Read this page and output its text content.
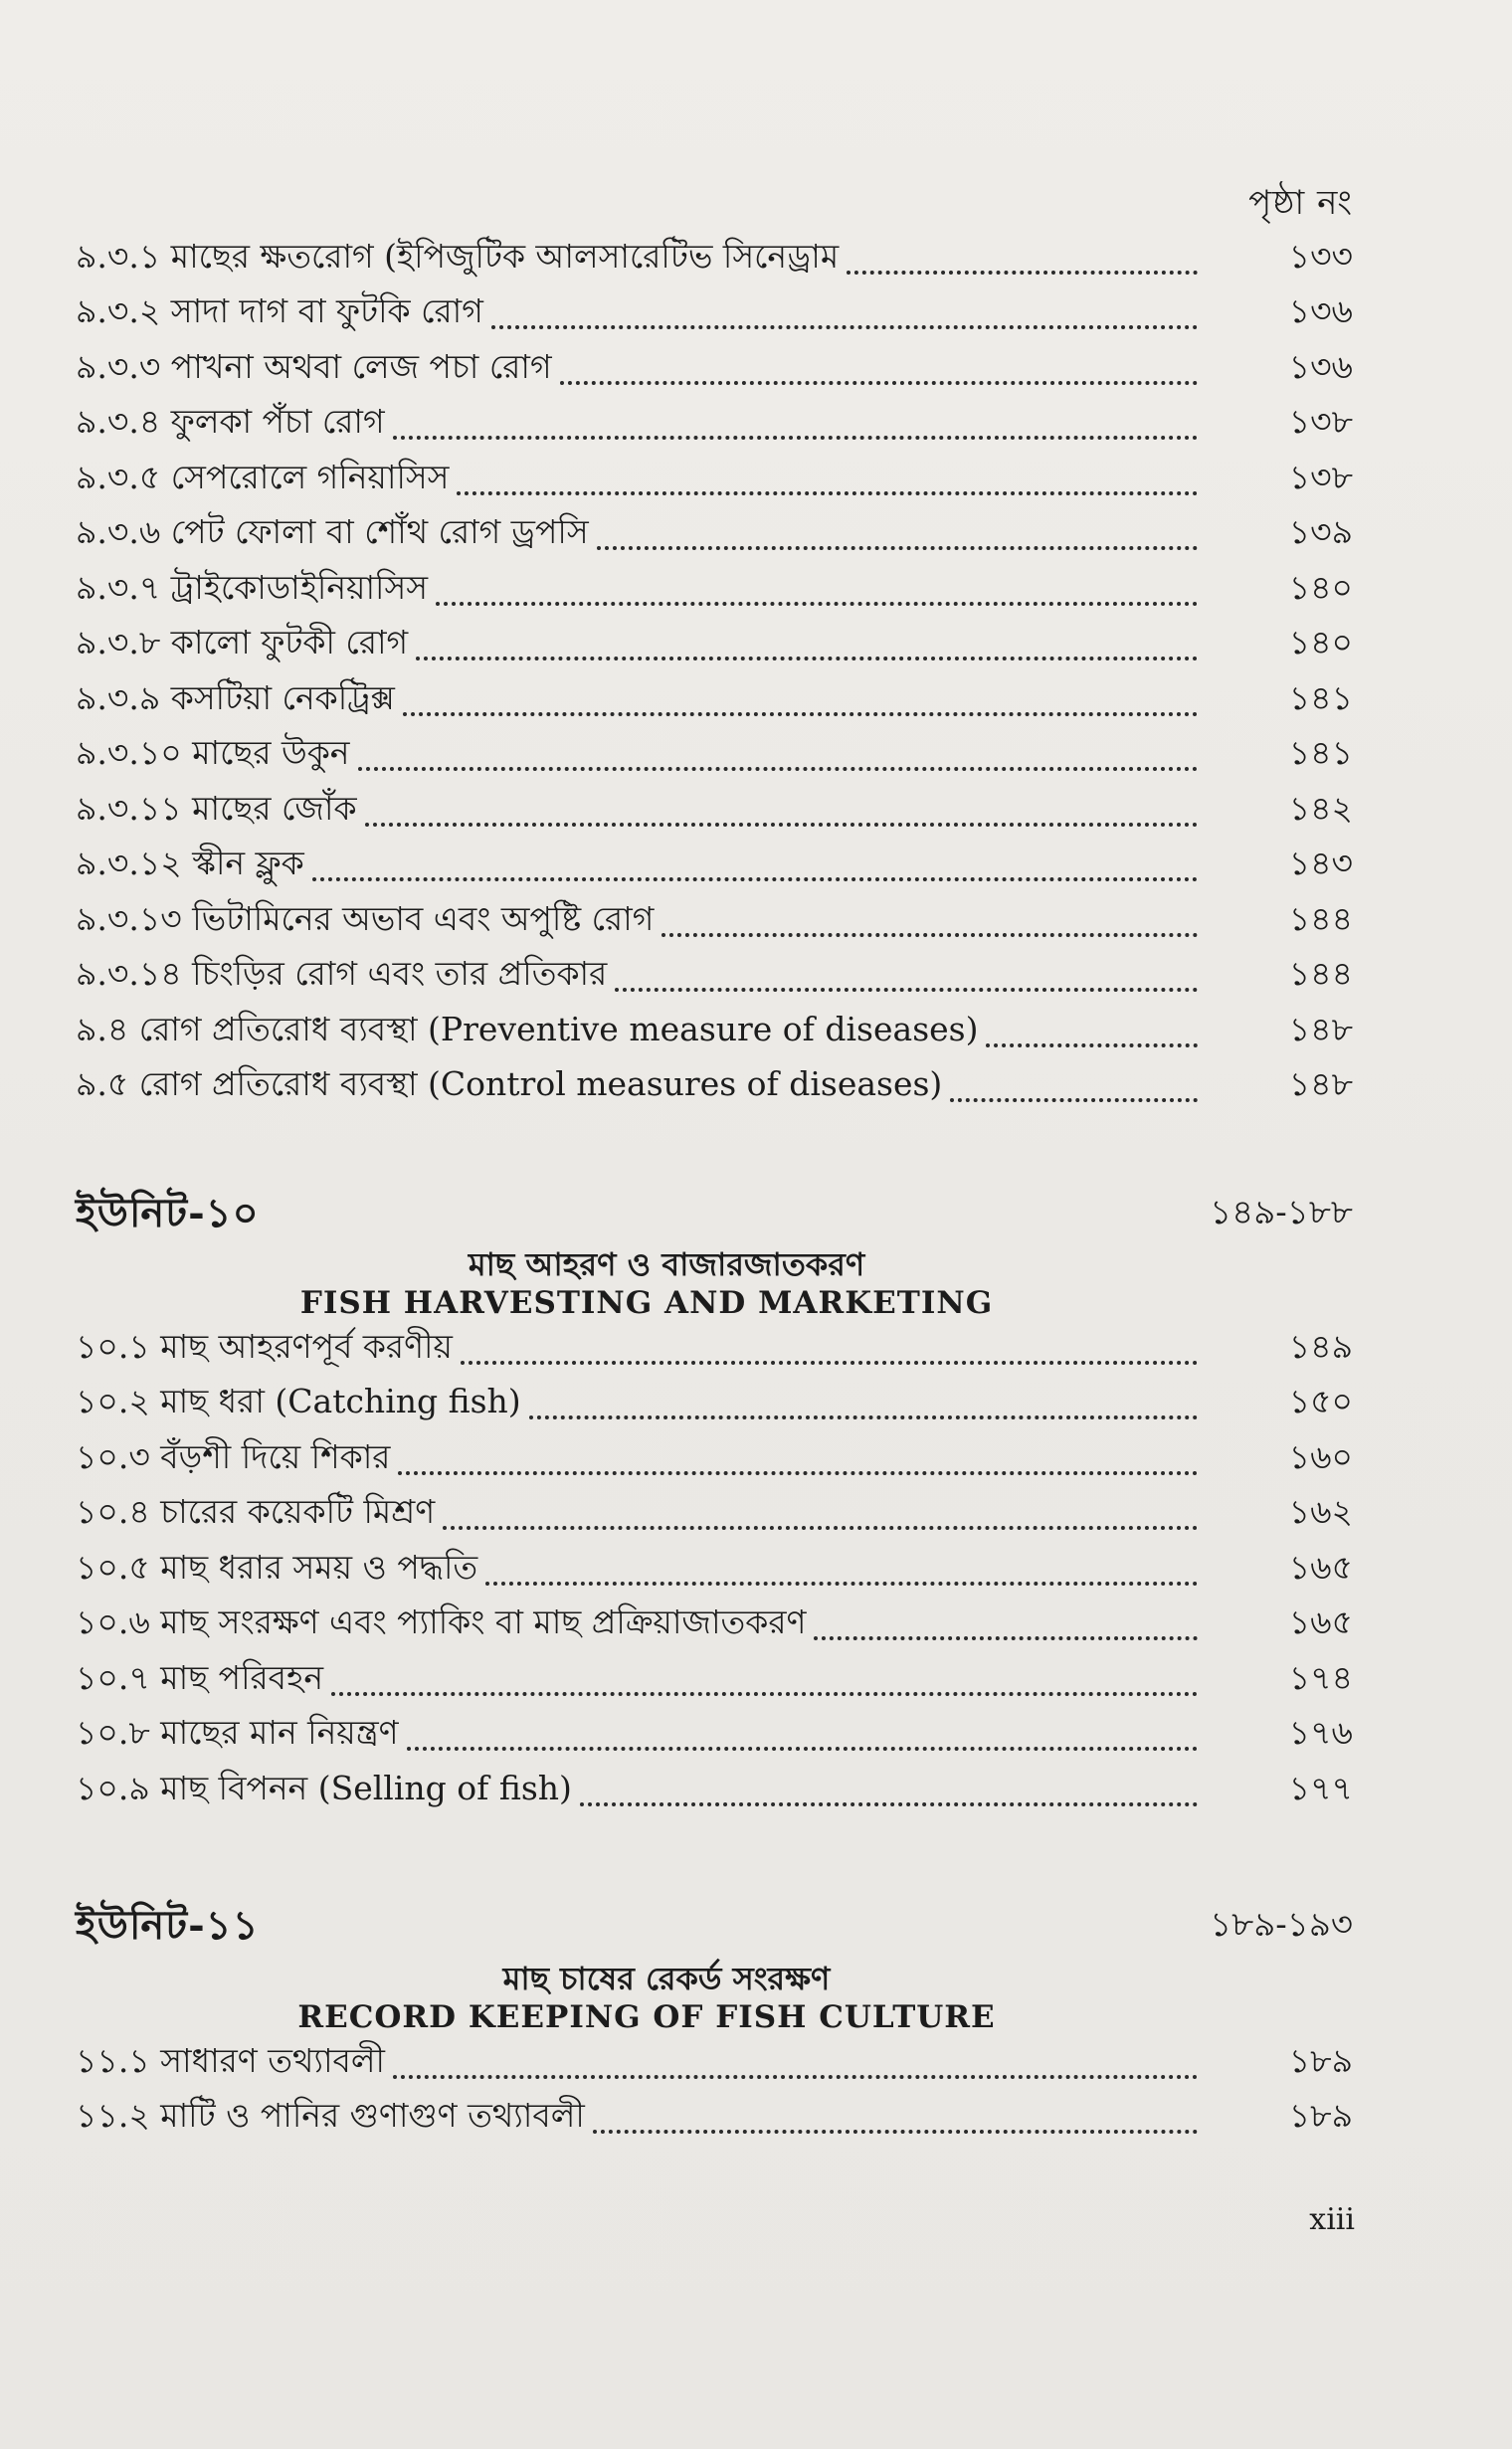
পৃষ্ঠা নং
৯.৩.১ মাছের ক্ষতরোগ (ইপিজুটিক আলসারেটিভ সিনেড্রাম	১৩৩
৯.৩.২ সাদা দাগ বা ফুটকি রোগ	১৩৬
৯.৩.৩ পাখনা অথবা লেজ পচা রোগ	১৩৬
৯.৩.৪ ফুলকা পঁচা রোগ	১৩৮
৯.৩.৫ সেপরোলে গনিয়াসিস	১৩৮
৯.৩.৬ পেট ফোলা বা শোঁথ রোগ ড্রপসি	১৩৯
৯.৩.৭ ট্রাইকোডাইনিয়াসিস	১৪০
৯.৩.৮ কালো ফুটকী রোগ	১৪০
৯.৩.৯ কসটিয়া নেকট্রিক্স	১৪১
৯.৩.১০ মাছের উকুন	১৪১
৯.৩.১১ মাছের জোঁক	১৪২
৯.৩.১২ স্কীন ফ্লুক	১৪৩
৯.৩.১৩ ভিটামিনের অভাব এবং অপুষ্টি রোগ	১৪৪
৯.৩.১৪ চিংড়ির রোগ এবং তার প্রতিকার	১৪৪
৯.৪ রোগ প্রতিরোধ ব্যবস্থা (Preventive measure of diseases)	১৪৮
৯.৫ রোগ প্রতিরোধ ব্যবস্থা (Control measures of diseases)	১৪৮
ইউনিট-১০	১৪৯-১৮৮
মাছ আহরণ ও বাজারজাতকরণ
FISH HARVESTING AND MARKETING
১০.১ মাছ আহরণপূর্ব করণীয়	১৪৯
১০.২ মাছ ধরা (Catching fish)	১৫০
১০.৩ বঁড়শী দিয়ে শিকার	১৬০
১০.৪ চারের কয়েকটি মিশ্রণ	১৬২
১০.৫ মাছ ধরার সময় ও পদ্ধতি	১৬৫
১০.৬ মাছ সংরক্ষণ এবং প্যাকিং বা মাছ প্রক্রিয়াজাতকরণ	১৬৫
১০.৭ মাছ পরিবহন	১৭৪
১০.৮ মাছের মান নিয়ন্ত্রণ	১৭৬
১০.৯ মাছ বিপনন (Selling of fish)	১৭৭
ইউনিট-১১	১৮৯-১৯৩
মাছ চাষের রেকর্ড সংরক্ষণ
RECORD KEEPING OF FISH CULTURE
১১.১ সাধারণ তথ্যাবলী	১৮৯
১১.২ মাটি ও পানির গুণাগুণ তথ্যাবলী	১৮৯
xiii
